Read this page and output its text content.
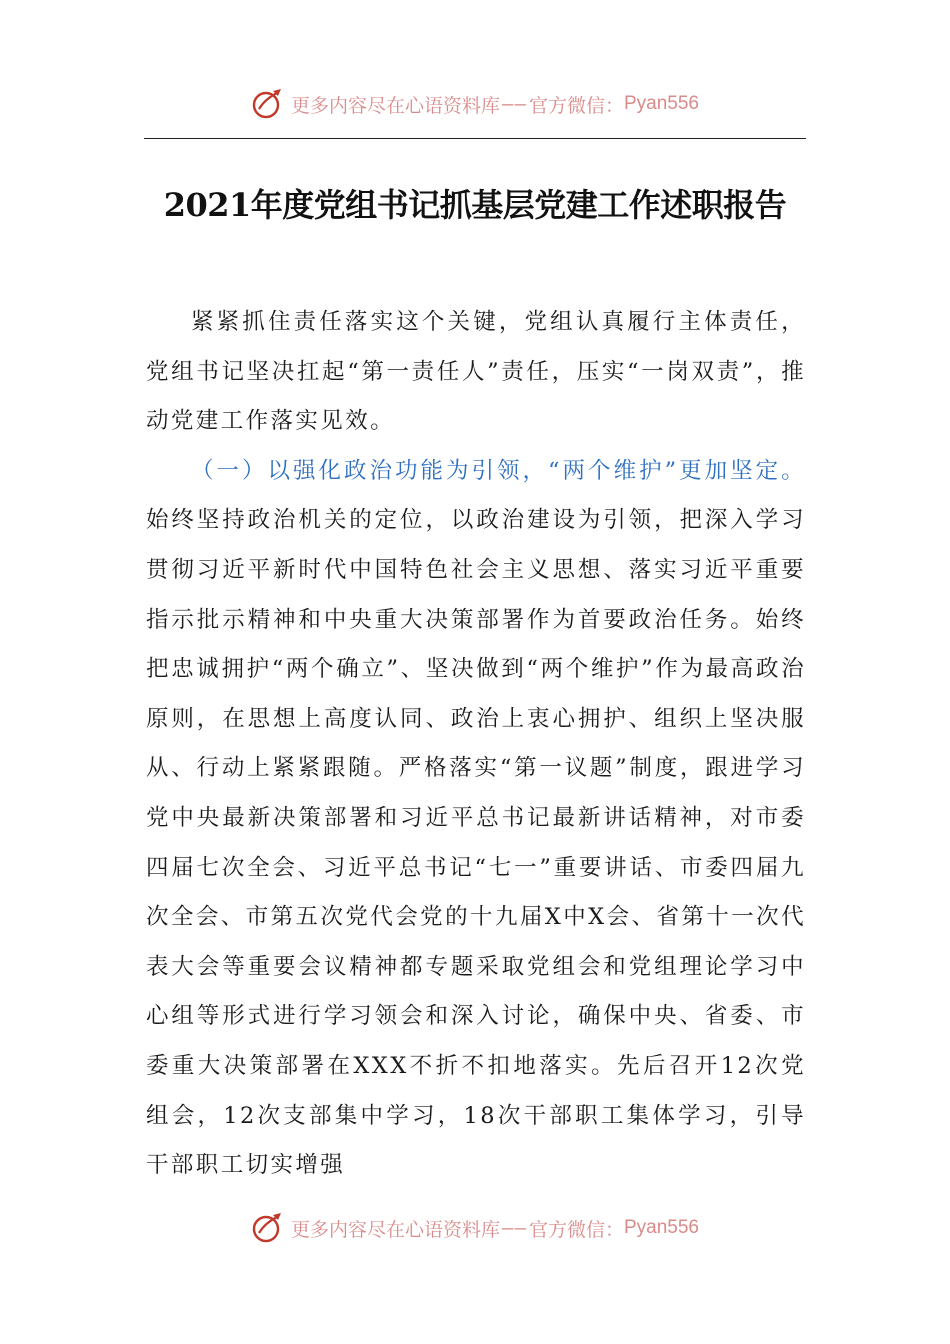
更多内容尽在心语资料库 —— 官方微信： Pyan556
2021年度党组书记抓基层党建工作述职报告

紧紧抓住责任落实这个关键，党组认真履行主体责任，党组书记坚决扛起“第一责任人”责任，压实“一岗双责”，推动党建工作落实见效。

（一）以强化政治功能为引领，“两个维护”更加坚定。始终坚持政治机关的定位，以政治建设为引领，把深入学习贯彻习近平新时代中国特色社会主义思想、落实习近平重要指示批示精神和中央重大决策部署作为首要政治任务。始终把忠诚拥护“两个确立”、坚决做到“两个维护”作为最高政治原则，在思想上高度认同、政治上衷心拥护、组织上坚决服从、行动上紧紧跟随。严格落实“第一议题”制度，跟进学习党中央最新决策部署和习近平总书记最新讲话精神，对市委四届七次全会、习近平总书记“七一”重要讲话、市委四届九次全会、市第五次党代会党的十九届X中X会、省第十一次代表大会等重要会议精神都专题采取党组会和党组理论学习中心组等形式进行学习领会和深入讨论，确保中央、省委、市委重大决策部署在XXX不折不扣地落实。先后召开12次党组会，12次支部集中学习，18次干部职工集体学习，引导干部职工切实增强

更多内容尽在心语资料库 —— 官方微信： Pyan556
